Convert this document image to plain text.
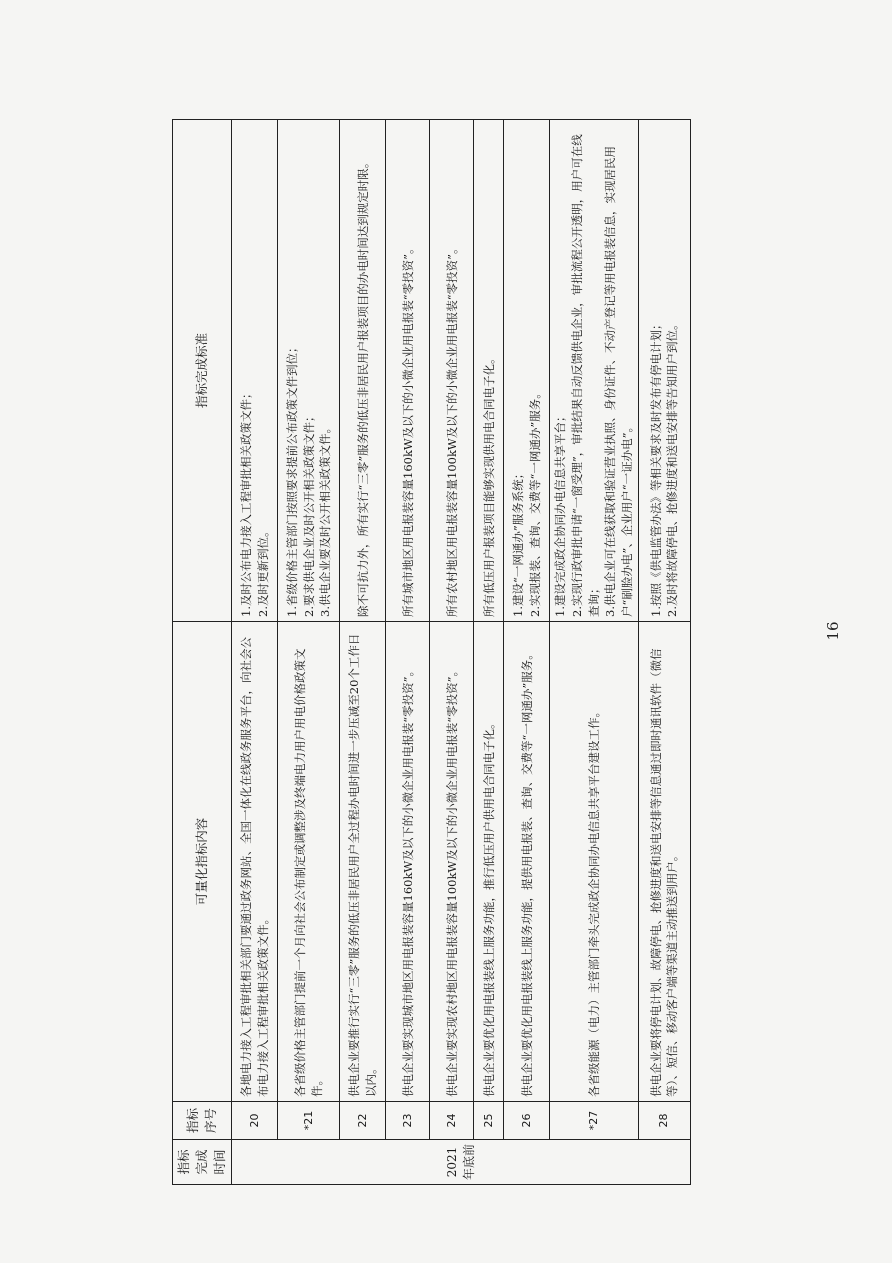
指标完成时间	指标序号	可量化指标内容	指标完成标准
2021年底前	20	各地电力接入工程审批相关部门要通过政务网站、全国一体化在线政务服务平台，向社会公布电力接入工程审批相关政策文件。	1.及时公布电力接入工程审批相关政策文件；
2.及时更新到位。
	*21	各省级价格主管部门提前一个月向社会公布制定或调整涉及终端电力用户用电价格政策文件。	1.省级价格主管部门按照要求提前公布政策文件到位；
2.要求供电企业及时公开相关政策文件；
3.供电企业要及时公开相关政策文件。
	22	供电企业要推行实行“三零”服务的低压非居民用户全过程办电时间进一步压减至20个工作日以内。	除不可抗力外，所有实行“三零”服务的低压非居民用户报装项目的办电时间达到规定时限。
	23	供电企业要实现城市地区用电报装容量160kW及以下的小微企业用电报装“零投资”。	所有城市地区用电报装容量160kW及以下的小微企业用电报装“零投资”。
	24	供电企业要实现农村地区用电报装容量100kW及以下的小微企业用电报装“零投资”。	所有农村地区用电报装容量100kW及以下的小微企业用电报装“零投资”。
	25	供电企业要优化用电报装线上服务功能，推行低压用户供用电合同电子化。	所有低压用户报装项目能够实现供用电合同电子化。
	26	供电企业要优化用电报装线上服务功能，提供用电报装、查询、交费等“一网通办”服务。	1.建设“一网通办”服务系统；
2.实现报装、查询、交费等“一网通办”服务。
	*27	各省级能源（电力）主管部门牵头完成政企协同办电信息共享平台建设工作。	1.建设完成政企协同办电信息共享平台；
2.实现行政审批申请“一窗受理”，审批结果自动反馈供电企业，审批流程公开透明，用户可在线查询；
3.供电企业可在线获取和验证营业执照、身份证件、不动产登记等用电报装信息，实现居民用户“刷脸办电”、企业用户“一证办电”。
	28	供电企业要将停电计划、故障停电、抢修进度和送电安排等信息通过即时通讯软件（微信等）、短信、移动客户端等渠道主动推送到用户。	1.按照《供电监管办法》等相关要求及时发布有停电计划；
2.及时将故障停电、抢修进度和送电安排等告知用户到位。
16
